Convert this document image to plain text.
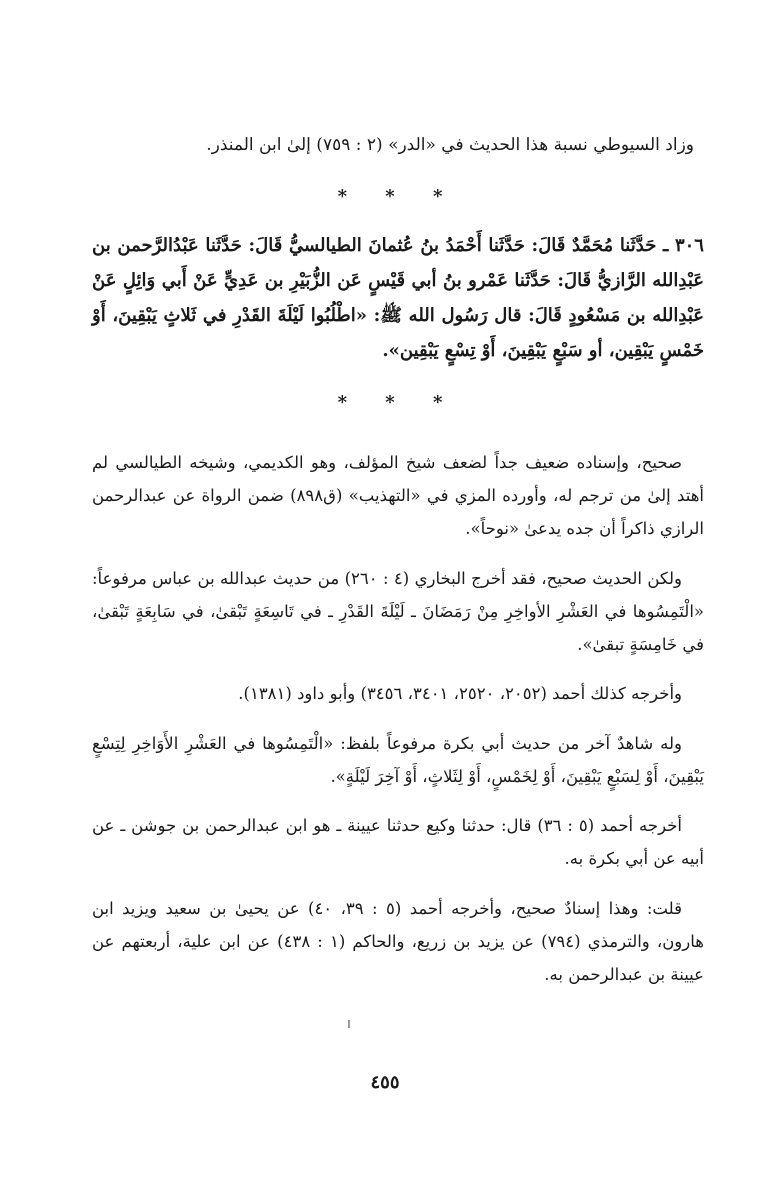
وزاد السيوطي نسبة هذا الحديث في «الدر» (٢ : ٧٥٩) إلىٰ ابن المنذر.

* * *

٣٠٦ ـ حَدَّثَنا مُحَمَّدٌ قَالَ: حَدَّثَنا أَحْمَدُ بنُ عُثمانَ الطيالسيُّ قَالَ: حَدَّثَنا عَبْدُالرَّحمن بن عَبْدِالله الرَّازيُّ قَالَ: حَدَّثَنا عَمْرو بنُ أبي قَيْسٍ عَن الزُّبَيْرِ بن عَدِيٍّ عَنْ أَبي وَائِلٍ عَنْ عَبْدِالله بن مَسْعُودٍ قَالَ: قال رَسُول الله ﷺ: «اطْلُبُوا لَيْلَةَ القَدْرِ في ثَلاثٍ يَبْقِينَ، أَوْ خَمْسٍ يَبْقِين، أو سَبْعٍ يَبْقِينَ، أَوْ تِسْعٍ يَبْقِين».

* * *

صحيح، وإسناده ضعيف جداً لضعف شيخ المؤلف، وهو الكديمي، وشيخه الطيالسي لم أهتد إلىٰ من ترجم له، وأورده المزي في «التهذيب» (ق٨٩٨) ضمن الرواة عن عبدالرحمن الرازي ذاكراً أن جده يدعىٰ «نوحاً».

ولكن الحديث صحيح، فقد أخرج البخاري (٤ : ٢٦٠) من حديث عبدالله بن عباس مرفوعاً: «الْتَمِسُوها في العَشْرِ الأواخِرِ مِنْ رَمَضَانَ ـ لَيْلَةَ القَدْرِ ـ في تَاسِعَةٍ تَبْقىٰ، في سَابِعَةٍ تَبْقىٰ، في خَامِسَةٍ تبقىٰ».

وأخرجه كذلك أحمد (٢٠٥٢، ٢٥٢٠، ٣٤٠١، ٣٤٥٦) وأبو داود (١٣٨١).

وله شاهدٌ آخر من حديث أبي بكرة مرفوعاً بلفظ: «الْتَمِسُوها في العَشْرِ الأَوَاخِرِ لِتِسْعٍ يَبْقِينَ، أَوْ لِسَبْعٍ يَبْقِينَ، أَوْ لِخَمْسٍ، أَوْ لِثَلاثٍ، أَوْ آخِرَ لَيْلَةٍ».

أخرجه أحمد (٥ : ٣٦) قال: حدثنا وكيع حدثنا عيينة ـ هو ابن عبدالرحمن بن جوشن ـ عن أبيه عن أبي بكرة به.

قلت: وهذا إسنادٌ صحيح، وأخرجه أحمد (٥ : ٣٩، ٤٠) عن يحيىٰ بن سعيد ويزيد ابن هارون، والترمذي (٧٩٤) عن يزيد بن زريع، والحاكم (١ : ٤٣٨) عن ابن علية، أربعتهم عن عيينة بن عبدالرحمن به.

٤٥٥
